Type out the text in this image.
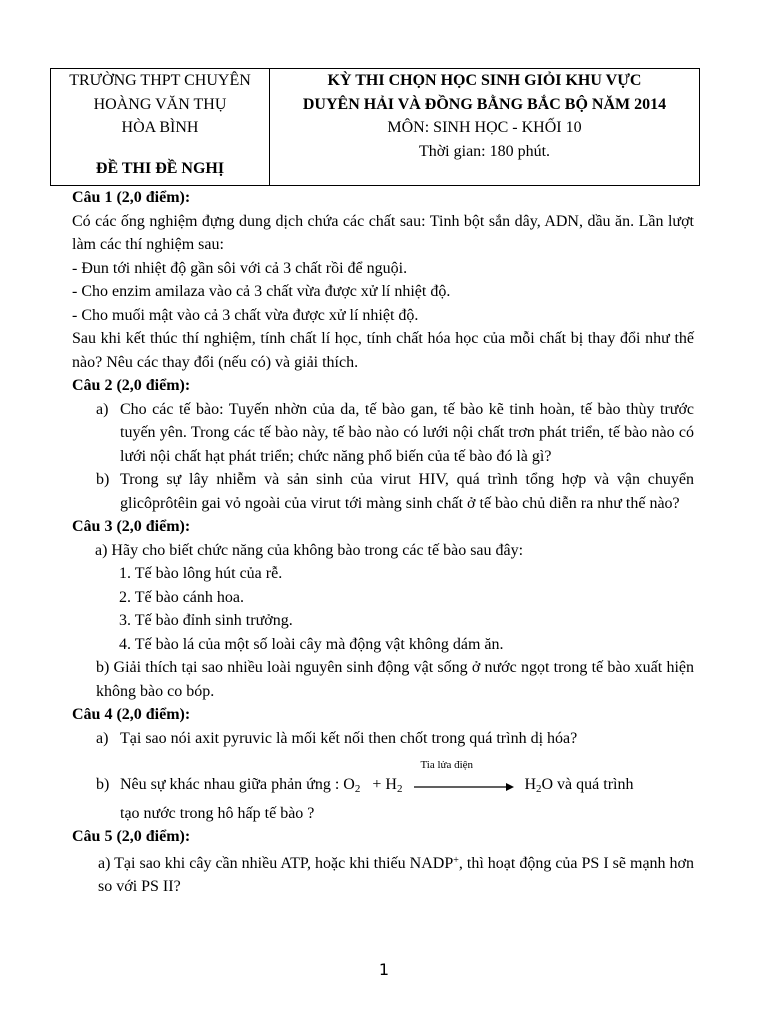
TRƯỜNG THPT CHUYÊN
HOÀNG VĂN THỤ
HÒA BÌNH
ĐỀ THI ĐỀ NGHỊ

KỲ THI CHỌN HỌC SINH GIỎI KHU VỰC
DUYÊN HẢI VÀ ĐỒNG BẰNG BẮC BỘ NĂM 2014
MÔN: SINH HỌC - KHỐI 10
Thời gian: 180 phút.
Câu 1 (2,0 điểm):
Có các ống nghiệm đựng dung dịch chứa các chất sau: Tinh bột sắn dây, ADN, dầu ăn. Lần lượt làm các thí nghiệm sau:
- Đun tới nhiệt độ gần sôi với cả 3 chất rồi để nguội.
- Cho enzim amilaza vào cả 3 chất vừa được xử lí nhiệt độ.
- Cho muối mật vào cả 3 chất vừa được xử lí nhiệt độ.
Sau khi kết thúc thí nghiệm, tính chất lí học, tính chất hóa học của mỗi chất bị thay đổi như thế nào? Nêu các thay đổi (nếu có) và giải thích.
Câu 2 (2,0 điểm):
a) Cho các tế bào: Tuyến nhờn của da, tế bào gan, tế bào kẽ tinh hoàn, tế bào thùy trước tuyến yên. Trong các tế bào này, tế bào nào có lưới nội chất trơn phát triển, tế bào nào có lưới nội chất hạt phát triển; chức năng phổ biến của tế bào đó là gì?
b) Trong sự lây nhiễm và sản sinh của virut HIV, quá trình tổng hợp và vận chuyển glicôprôtêin gai vỏ ngoài của virut tới màng sinh chất ở tế bào chủ diễn ra như thế nào?
Câu 3 (2,0 điểm):
a) Hãy cho biết chức năng của không bào trong các tế bào sau đây:
1. Tế bào lông hút của rễ.
2. Tế bào cánh hoa.
3. Tế bào đỉnh sinh trưởng.
4. Tế bào lá của một số loài cây mà động vật không dám ăn.
b) Giải thích tại sao nhiều loài nguyên sinh động vật sống ở nước ngọt trong tế bào xuất hiện không bào co bóp.
Câu 4 (2,0 điểm):
a) Tại sao nói axit pyruvic là mối kết nối then chốt trong quá trình dị hóa?
b) Nêu sự khác nhau giữa phản ứng : $O_2 + H_2$
Tia lửa điện
$H_2O$ và quá trình
tạo nước trong hô hấp tế bào ?
Câu 5 (2,0 điểm):
a) Tại sao khi cây cần nhiều ATP, hoặc khi thiếu NADP+, thì hoạt động của PS I sẽ mạnh hơn so với PS II?
1
